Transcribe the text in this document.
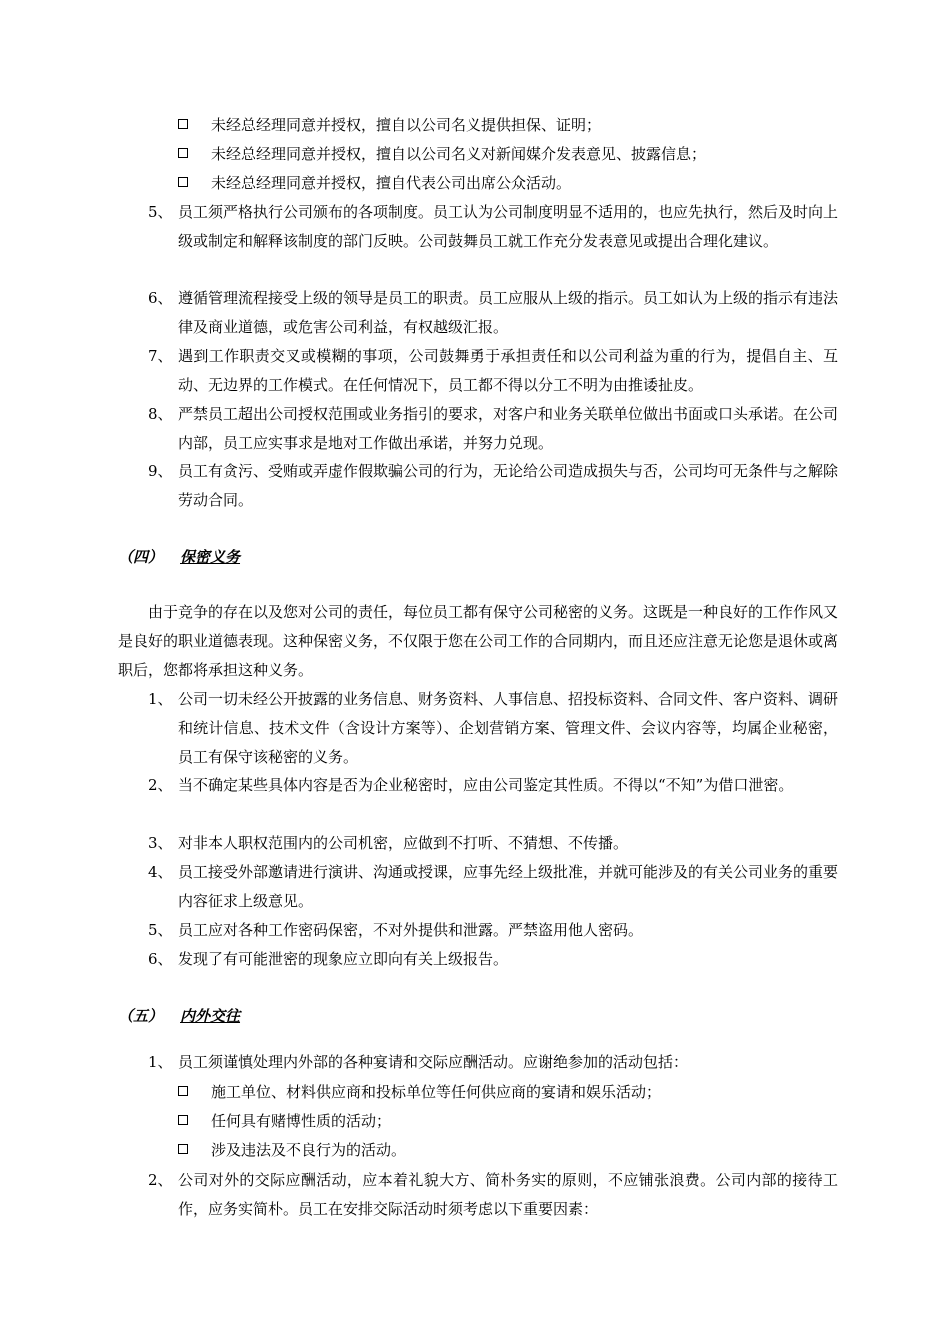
未经总经理同意并授权，擅自以公司名义提供担保、证明；
未经总经理同意并授权，擅自以公司名义对新闻媒介发表意见、披露信息；
未经总经理同意并授权，擅自代表公司出席公众活动。
5、 员工须严格执行公司颁布的各项制度。员工认为公司制度明显不适用的，也应先执行，然后及时向上级或制定和解释该制度的部门反映。公司鼓舞员工就工作充分发表意见或提出合理化建议。
6、 遵循管理流程接受上级的领导是员工的职责。员工应服从上级的指示。员工如认为上级的指示有违法律及商业道德，或危害公司利益，有权越级汇报。
7、 遇到工作职责交叉或模糊的事项，公司鼓舞勇于承担责任和以公司利益为重的行为，提倡自主、互动、无边界的工作模式。在任何情况下，员工都不得以分工不明为由推诿扯皮。
8、 严禁员工超出公司授权范围或业务指引的要求，对客户和业务关联单位做出书面或口头承诺。在公司内部，员工应实事求是地对工作做出承诺，并努力兑现。
9、 员工有贪污、受贿或弄虚作假欺骗公司的行为，无论给公司造成损失与否，公司均可无条件与之解除劳动合同。
（四） 保密义务
由于竞争的存在以及您对公司的责任，每位员工都有保守公司秘密的义务。这既是一种良好的工作作风又是良好的职业道德表现。这种保密义务，不仅限于您在公司工作的合同期内，而且还应注意无论您是退休或离职后，您都将承担这种义务。
1、 公司一切未经公开披露的业务信息、财务资料、人事信息、招投标资料、合同文件、客户资料、调研和统计信息、技术文件（含设计方案等）、企划营销方案、管理文件、会议内容等，均属企业秘密，员工有保守该秘密的义务。
2、 当不确定某些具体内容是否为企业秘密时，应由公司鉴定其性质。不得以“不知”为借口泄密。
3、 对非本人职权范围内的公司机密，应做到不打听、不猜想、不传播。
4、 员工接受外部邀请进行演讲、沟通或授课，应事先经上级批准，并就可能涉及的有关公司业务的重要内容征求上级意见。
5、 员工应对各种工作密码保密，不对外提供和泄露。严禁盗用他人密码。
6、 发现了有可能泄密的现象应立即向有关上级报告。
（五） 内外交往
1、 员工须谨慎处理内外部的各种宴请和交际应酬活动。应谢绝参加的活动包括：
施工单位、材料供应商和投标单位等任何供应商的宴请和娱乐活动；
任何具有赌博性质的活动；
涉及违法及不良行为的活动。
2、 公司对外的交际应酬活动，应本着礼貌大方、简朴务实的原则，不应铺张浪费。公司内部的接待工作，应务实简朴。员工在安排交际活动时须考虑以下重要因素：
